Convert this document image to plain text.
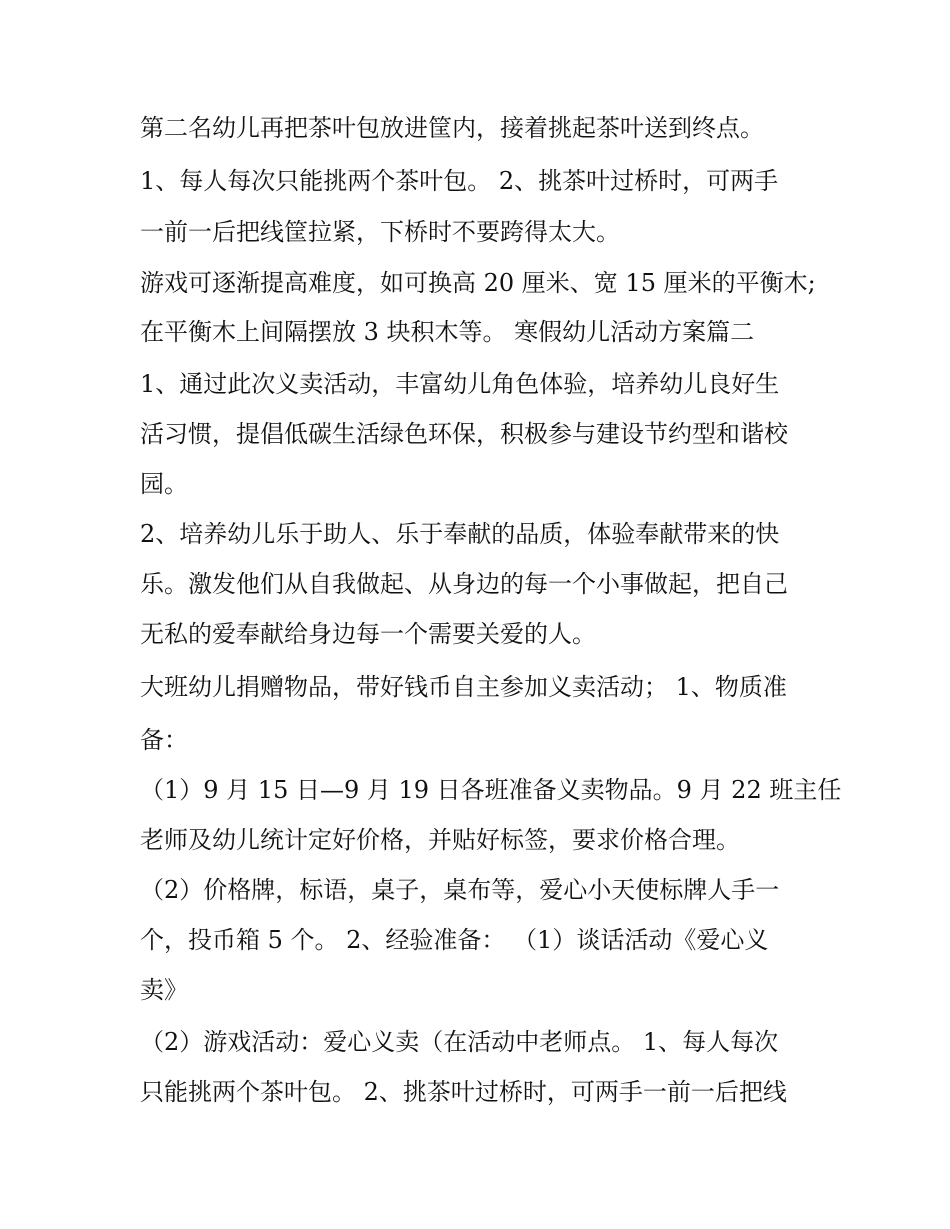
第二名幼儿再把茶叶包放进筐内，接着挑起茶叶送到终点。
1、每人每次只能挑两个茶叶包。 2、挑茶叶过桥时，可两手
一前一后把线筐拉紧，下桥时不要跨得太大。
游戏可逐渐提高难度，如可换高 20 厘米、宽 15 厘米的平衡木;
在平衡木上间隔摆放 3 块积木等。 寒假幼儿活动方案篇二
1、通过此次义卖活动，丰富幼儿角色体验，培养幼儿良好生
活习惯，提倡低碳生活绿色环保，积极参与建设节约型和谐校
园。
2、培养幼儿乐于助人、乐于奉献的品质，体验奉献带来的快
乐。激发他们从自我做起、从身边的每一个小事做起，把自己
无私的爱奉献给身边每一个需要关爱的人。
大班幼儿捐赠物品，带好钱币自主参加义卖活动； 1、物质准
备：
（1）9 月 15 日—9 月 19 日各班准备义卖物品。9 月 22 班主任
老师及幼儿统计定好价格，并贴好标签，要求价格合理。
（2）价格牌，标语，桌子，桌布等，爱心小天使标牌人手一
个，投币箱 5 个。 2、经验准备： （1）谈话活动《爱心义
卖》
（2）游戏活动：爱心义卖（在活动中老师点。 1、每人每次
只能挑两个茶叶包。 2、挑茶叶过桥时，可两手一前一后把线
